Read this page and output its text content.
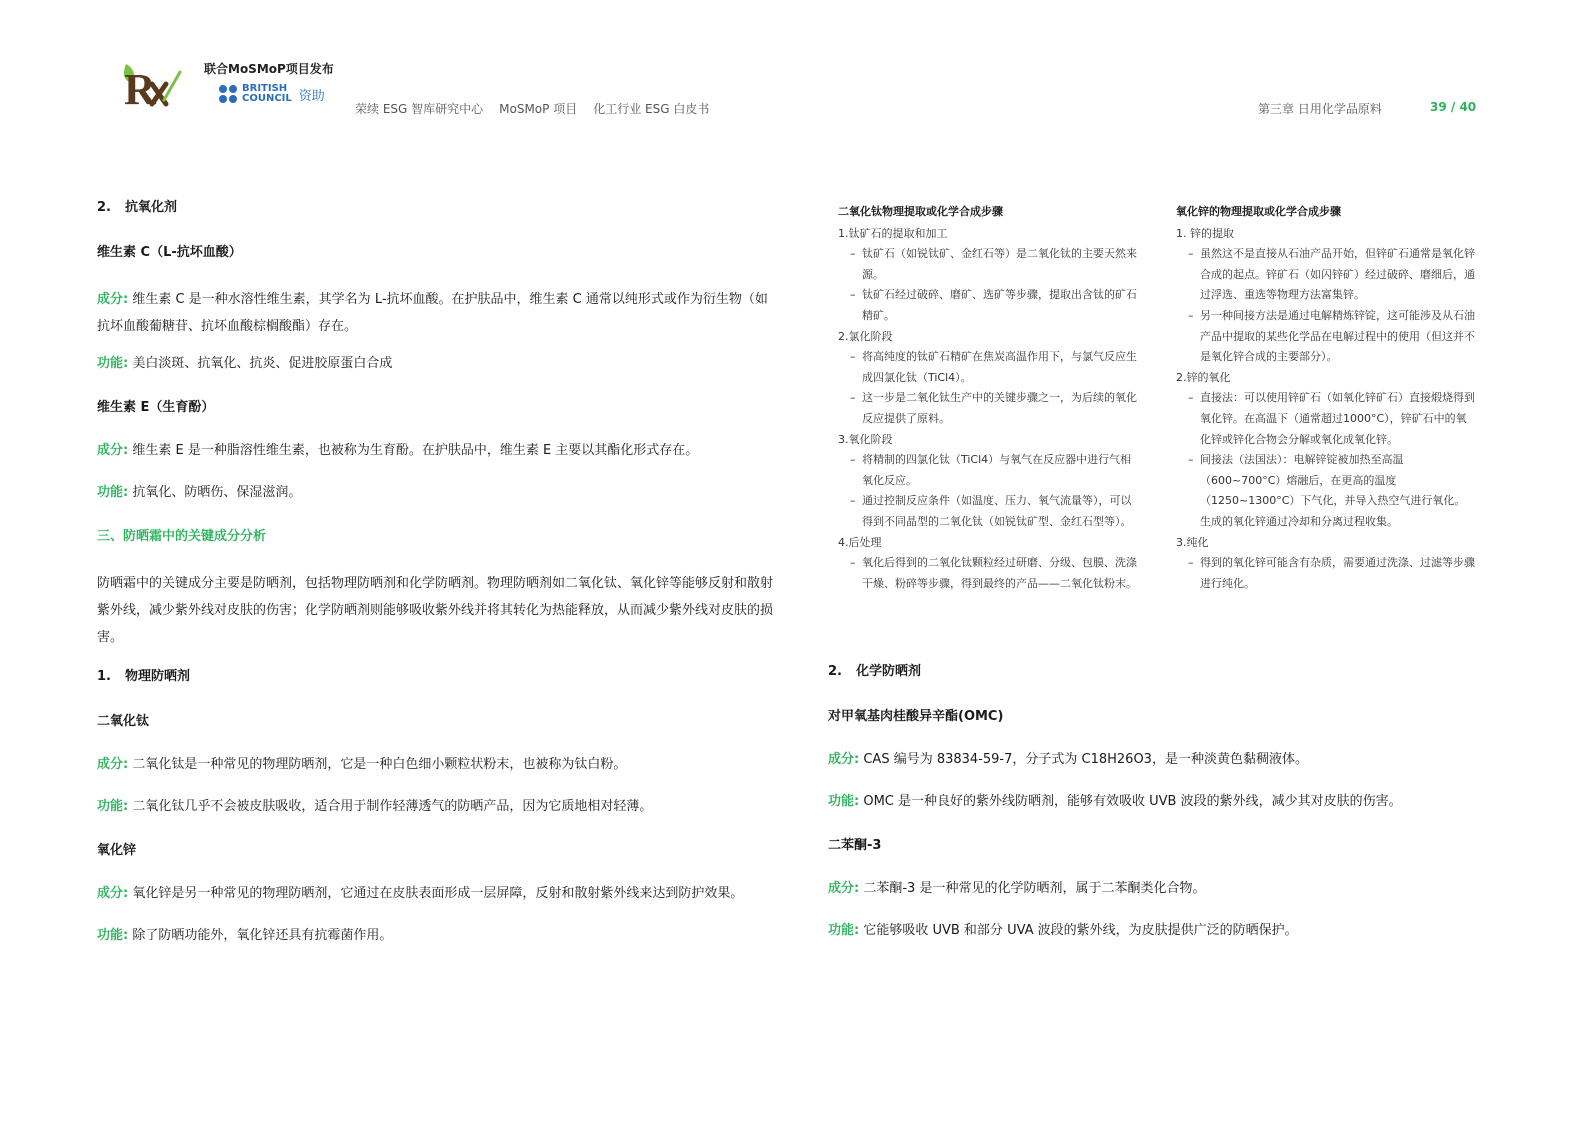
R	联合MoSMoP项目发布
BRITISH
COUNCIL 资助
荣续 ESG 智库研究中心 MoSMoP 项目 化工行业 ESG 白皮书	第三章 日用化学品原料	39 / 40
2. 抗氧化剂
维生素 C（L-抗坏血酸）

成分: 维生素 C 是一种水溶性维生素，其学名为 L-抗坏血酸。在护肤品中，维生素 C 通常以纯形式或作为衍生物（如抗坏血酸葡糖苷、抗坏血酸棕榈酸酯）存在。

功能: 美白淡斑、抗氧化、抗炎、促进胶原蛋白合成

维生素 E（生育酚）

成分: 维生素 E 是一种脂溶性维生素，也被称为生育酚。在护肤品中，维生素 E 主要以其酯化形式存在。

功能: 抗氧化、防晒伤、保湿滋润。

三、防晒霜中的关键成分分析

防晒霜中的关键成分主要是防晒剂，包括物理防晒剂和化学防晒剂。物理防晒剂如二氧化钛、氧化锌等能够反射和散射紫外线，减少紫外线对皮肤的伤害；化学防晒剂则能够吸收紫外线并将其转化为热能释放，从而减少紫外线对皮肤的损害。

1. 物理防晒剂
二氧化钛

成分: 二氧化钛是一种常见的物理防晒剂，它是一种白色细小颗粒状粉末，也被称为钛白粉。

功能: 二氧化钛几乎不会被皮肤吸收，适合用于制作轻薄透气的防晒产品，因为它质地相对轻薄。

氧化锌

成分: 氧化锌是另一种常见的物理防晒剂，它通过在皮肤表面形成一层屏障，反射和散射紫外线来达到防护效果。

功能: 除了防晒功能外，氧化锌还具有抗霉菌作用。

二氧化钛物理提取或化学合成步骤
1.钛矿石的提取和加工
– 钛矿石（如锐钛矿、金红石等）是二氧化钛的主要天然来源。
– 钛矿石经过破碎、磨矿、选矿等步骤，提取出含钛的矿石精矿。
2.氯化阶段
– 将高纯度的钛矿石精矿在焦炭高温作用下，与氯气反应生成四氯化钛（TiCl4）。
– 这一步是二氧化钛生产中的关键步骤之一，为后续的氧化反应提供了原料。
3.氧化阶段
– 将精制的四氯化钛（TiCl4）与氧气在反应器中进行气相氧化反应。
– 通过控制反应条件（如温度、压力、氧气流量等），可以得到不同晶型的二氧化钛（如锐钛矿型、金红石型等）。
4.后处理
– 氧化后得到的二氧化钛颗粒经过研磨、分级、包膜、洗涤干燥、粉碎等步骤，得到最终的产品——二氧化钛粉末。
氧化锌的物理提取或化学合成步骤
1. 锌的提取
– 虽然这不是直接从石油产品开始，但锌矿石通常是氧化锌合成的起点。锌矿石（如闪锌矿）经过破碎、磨细后，通过浮选、重选等物理方法富集锌。
– 另一种间接方法是通过电解精炼锌锭，这可能涉及从石油产品中提取的某些化学品在电解过程中的使用（但这并不是氧化锌合成的主要部分）。
2.锌的氧化
– 直接法：可以使用锌矿石（如氧化锌矿石）直接煅烧得到氧化锌。在高温下（通常超过1000°C），锌矿石中的氧化锌或锌化合物会分解或氧化成氧化锌。
– 间接法（法国法）：电解锌锭被加热至高温（600~700°C）熔融后，在更高的温度（1250~1300°C）下气化，并导入热空气进行氧化。生成的氧化锌通过冷却和分离过程收集。
3.纯化
– 得到的氧化锌可能含有杂质，需要通过洗涤、过滤等步骤进行纯化。
2. 化学防晒剂
对甲氧基肉桂酸异辛酯(OMC)

成分: CAS 编号为 83834-59-7，分子式为 C18H26O3，是一种淡黄色黏稠液体。

功能: OMC 是一种良好的紫外线防晒剂，能够有效吸收 UVB 波段的紫外线，减少其对皮肤的伤害。

二苯酮-3

成分: 二苯酮-3 是一种常见的化学防晒剂，属于二苯酮类化合物。

功能: 它能够吸收 UVB 和部分 UVA 波段的紫外线，为皮肤提供广泛的防晒保护。
